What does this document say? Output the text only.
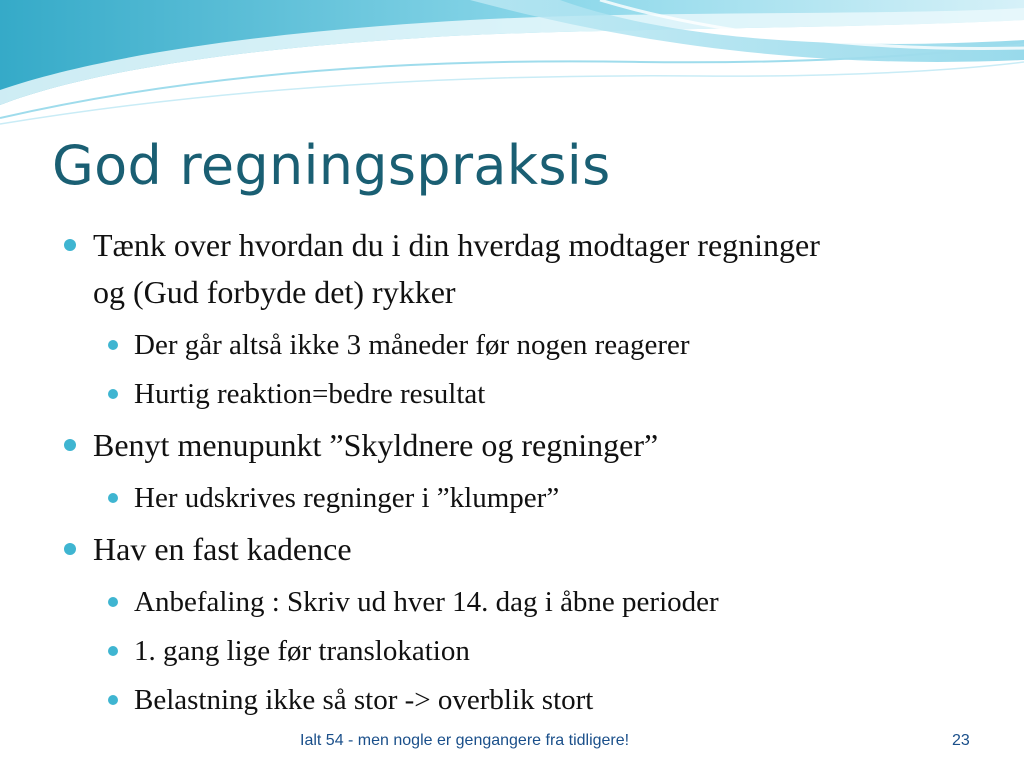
God regningspraksis
Tænk over hvordan du i din hverdag modtager regninger og (Gud forbyde det) rykker
Der går altså ikke 3 måneder før nogen reagerer
Hurtig reaktion=bedre resultat
Benyt menupunkt ”Skyldnere og regninger”
Her udskrives regninger i ”klumper”
Hav en fast kadence
Anbefaling : Skriv ud hver 14. dag i åbne perioder
1. gang lige før translokation
Belastning ikke så stor -> overblik stort
Ialt 54 - men nogle er gengangere fra tidligere!	23
